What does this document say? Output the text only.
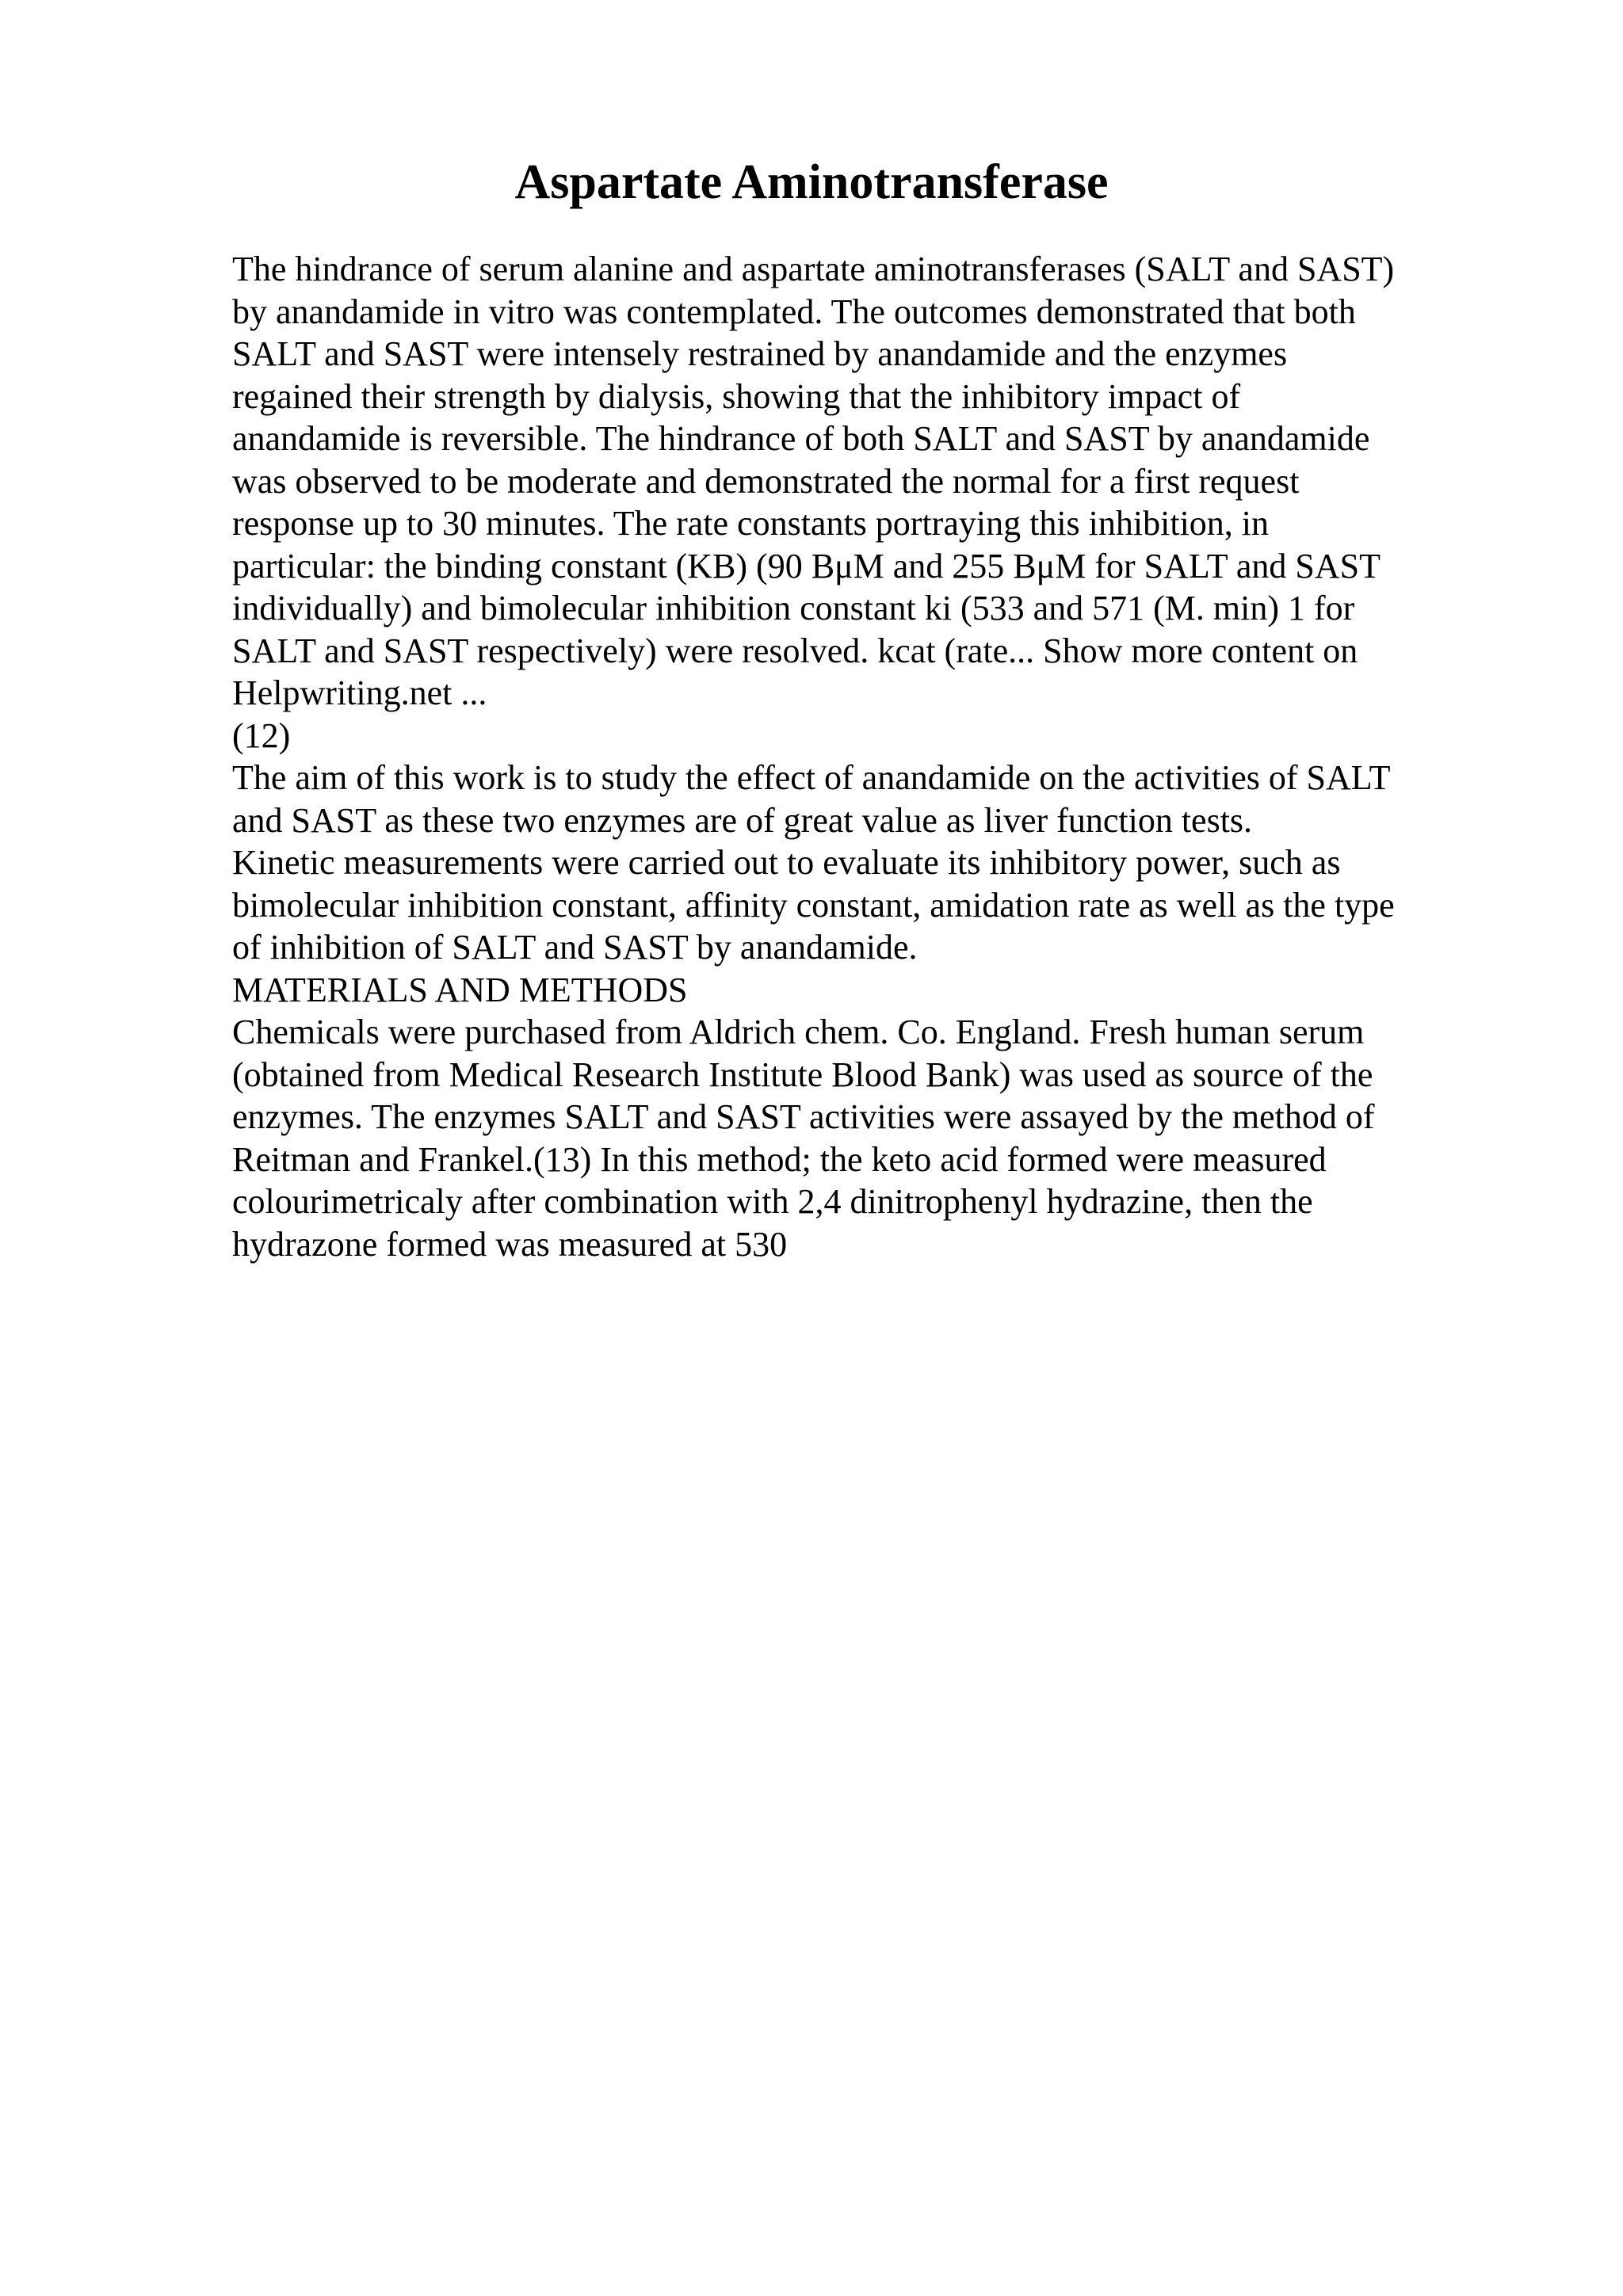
Aspartate Aminotransferase
The hindrance of serum alanine and aspartate aminotransferases (SALT and SAST)
by anandamide in vitro was contemplated. The outcomes demonstrated that both
SALT and SAST were intensely restrained by anandamide and the enzymes
regained their strength by dialysis, showing that the inhibitory impact of
anandamide is reversible. The hindrance of both SALT and SAST by anandamide
was observed to be moderate and demonstrated the normal for a first request
response up to 30 minutes. The rate constants portraying this inhibition, in
particular: the binding constant (KB) (90 BμM and 255 BμM for SALT and SAST
individually) and bimolecular inhibition constant ki (533 and 571 (M. min) 1 for
SALT and SAST respectively) were resolved. kcat (rate... Show more content on
Helpwriting.net ...
(12)
The aim of this work is to study the effect of anandamide on the activities of SALT
and SAST as these two enzymes are of great value as liver function tests.
Kinetic measurements were carried out to evaluate its inhibitory power, such as
bimolecular inhibition constant, affinity constant, amidation rate as well as the type
of inhibition of SALT and SAST by anandamide.
MATERIALS AND METHODS
Chemicals were purchased from Aldrich chem. Co. England. Fresh human serum
(obtained from Medical Research Institute Blood Bank) was used as source of the
enzymes. The enzymes SALT and SAST activities were assayed by the method of
Reitman and Frankel.(13) In this method; the keto acid formed were measured
colourimetricaly after combination with 2,4 dinitrophenyl hydrazine, then the
hydrazone formed was measured at 530
